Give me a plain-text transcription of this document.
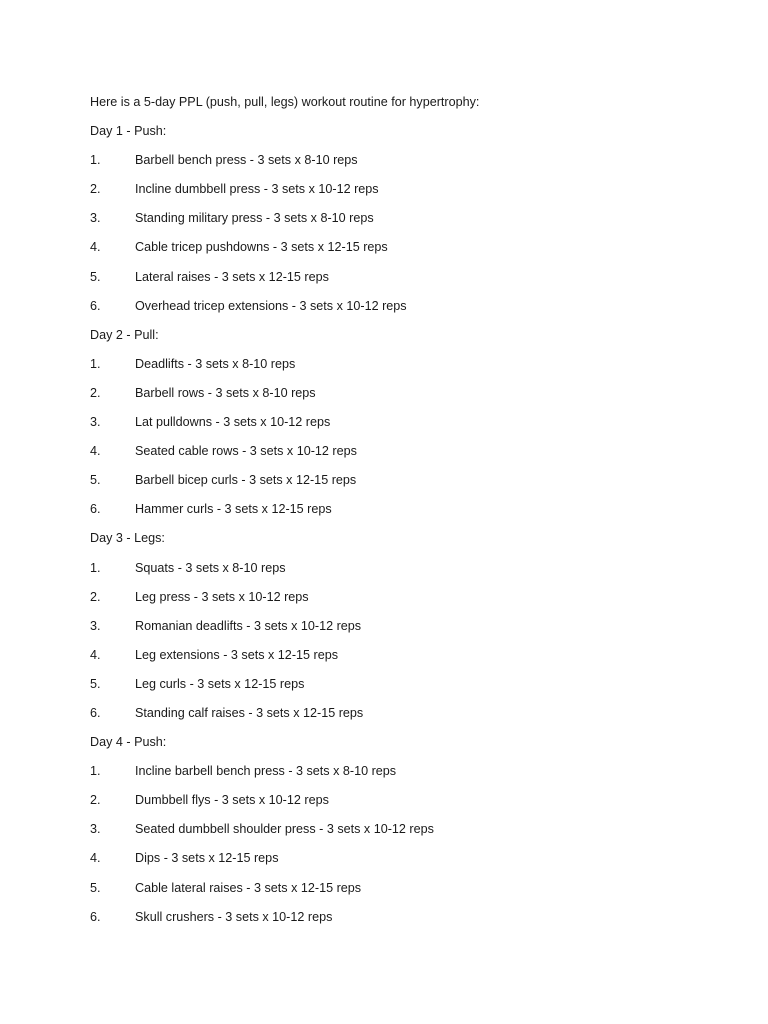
Here is a 5-day PPL (push, pull, legs) workout routine for hypertrophy:
Day 1 - Push:
1.	Barbell bench press - 3 sets x 8-10 reps
2.	Incline dumbbell press - 3 sets x 10-12 reps
3.	Standing military press - 3 sets x 8-10 reps
4.	Cable tricep pushdowns - 3 sets x 12-15 reps
5.	Lateral raises - 3 sets x 12-15 reps
6.	Overhead tricep extensions - 3 sets x 10-12 reps
Day 2 - Pull:
1.	Deadlifts - 3 sets x 8-10 reps
2.	Barbell rows - 3 sets x 8-10 reps
3.	Lat pulldowns - 3 sets x 10-12 reps
4.	Seated cable rows - 3 sets x 10-12 reps
5.	Barbell bicep curls - 3 sets x 12-15 reps
6.	Hammer curls - 3 sets x 12-15 reps
Day 3 - Legs:
1.	Squats - 3 sets x 8-10 reps
2.	Leg press - 3 sets x 10-12 reps
3.	Romanian deadlifts - 3 sets x 10-12 reps
4.	Leg extensions - 3 sets x 12-15 reps
5.	Leg curls - 3 sets x 12-15 reps
6.	Standing calf raises - 3 sets x 12-15 reps
Day 4 - Push:
1.	Incline barbell bench press - 3 sets x 8-10 reps
2.	Dumbbell flys - 3 sets x 10-12 reps
3.	Seated dumbbell shoulder press - 3 sets x 10-12 reps
4.	Dips - 3 sets x 12-15 reps
5.	Cable lateral raises - 3 sets x 12-15 reps
6.	Skull crushers - 3 sets x 10-12 reps
